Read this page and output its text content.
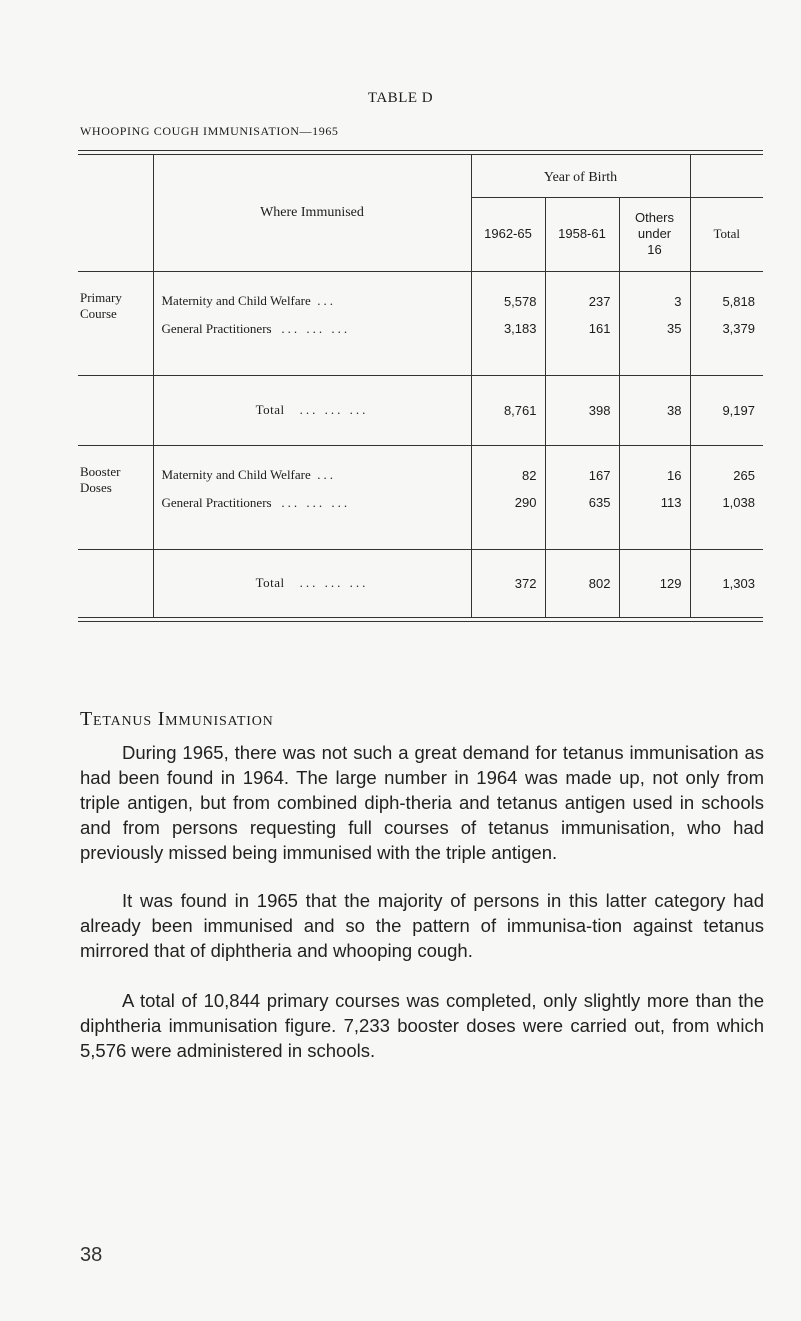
TABLE D
WHOOPING COUGH IMMUNISATION—1965
	Where Immunised	Year of Birth			
		1962-65	1958-61	Others
under
16	Total
Primary
Course	Maternity and Child Welfare ...	5,578	237	3	5,818
	General Practitioners ... ... ...	3,183	161	35	3,379
	Total ... ... ...	8,761	398	38	9,197
Booster
Doses	Maternity and Child Welfare ...	82	167	16	265
	General Practitioners ... ... ...	290	635	113	1,038
	Total ... ... ...	372	802	129	1,303
Tetanus Immunisation
During 1965, there was not such a great demand for tetanus immunisation as had been found in 1964. The large number in 1964 was made up, not only from triple antigen, but from combined diph-theria and tetanus antigen used in schools and from persons requesting full courses of tetanus immunisation, who had previously missed being immunised with the triple antigen.
It was found in 1965 that the majority of persons in this latter category had already been immunised and so the pattern of immunisa-tion against tetanus mirrored that of diphtheria and whooping cough.
A total of 10,844 primary courses was completed, only slightly more than the diphtheria immunisation figure. 7,233 booster doses were carried out, from which 5,576 were administered in schools.
38
